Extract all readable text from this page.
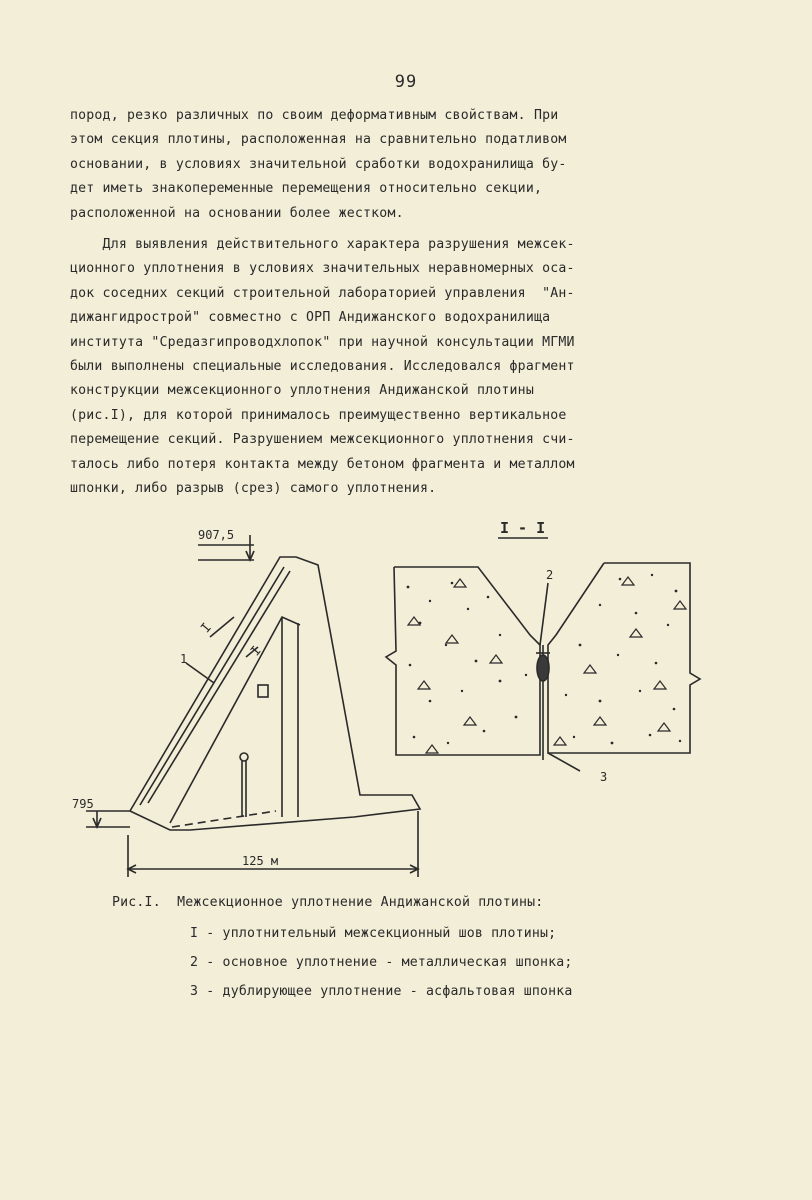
99
пород, резко различных по своим деформативным свойствам. При
этом секция плотины, расположенная на сравнительно податливом
основании, в условиях значительной сработки водохранилища бу-
дет иметь знакопеременные перемещения относительно секции,
расположенной на основании более жестком.
Для выявления действительного характера разрушения межсек-
ционного уплотнения в условиях значительных неравномерных оса-
док соседних секций строительной лабораторией управления  "Ан-
дижангидрострой" совместно с ОРП Андижанского водохранилища
института "Средазгипроводхлопок" при научной консультации МГМИ
были выполнены специальные исследования. Исследовался фрагмент
конструкции межсекционного уплотнения Андижанской плотины
(рис.I), для которой принималось преимущественно вертикальное
перемещение секций. Разрушением межсекционного уплотнения счи-
талось либо потеря контакта между бетоном фрагмента и металлом
шпонки, либо разрыв (срез) самого уплотнения.
907,5
795
125 м
1
I
I
I - I
2
3
Рис.I.  Межсекционное уплотнение Андижанской плотины:
I - уплотнительный межсекционный шов плотины;
2 - основное уплотнение - металлическая шпонка;
3 - дублирующее уплотнение - асфальтовая шпонка
